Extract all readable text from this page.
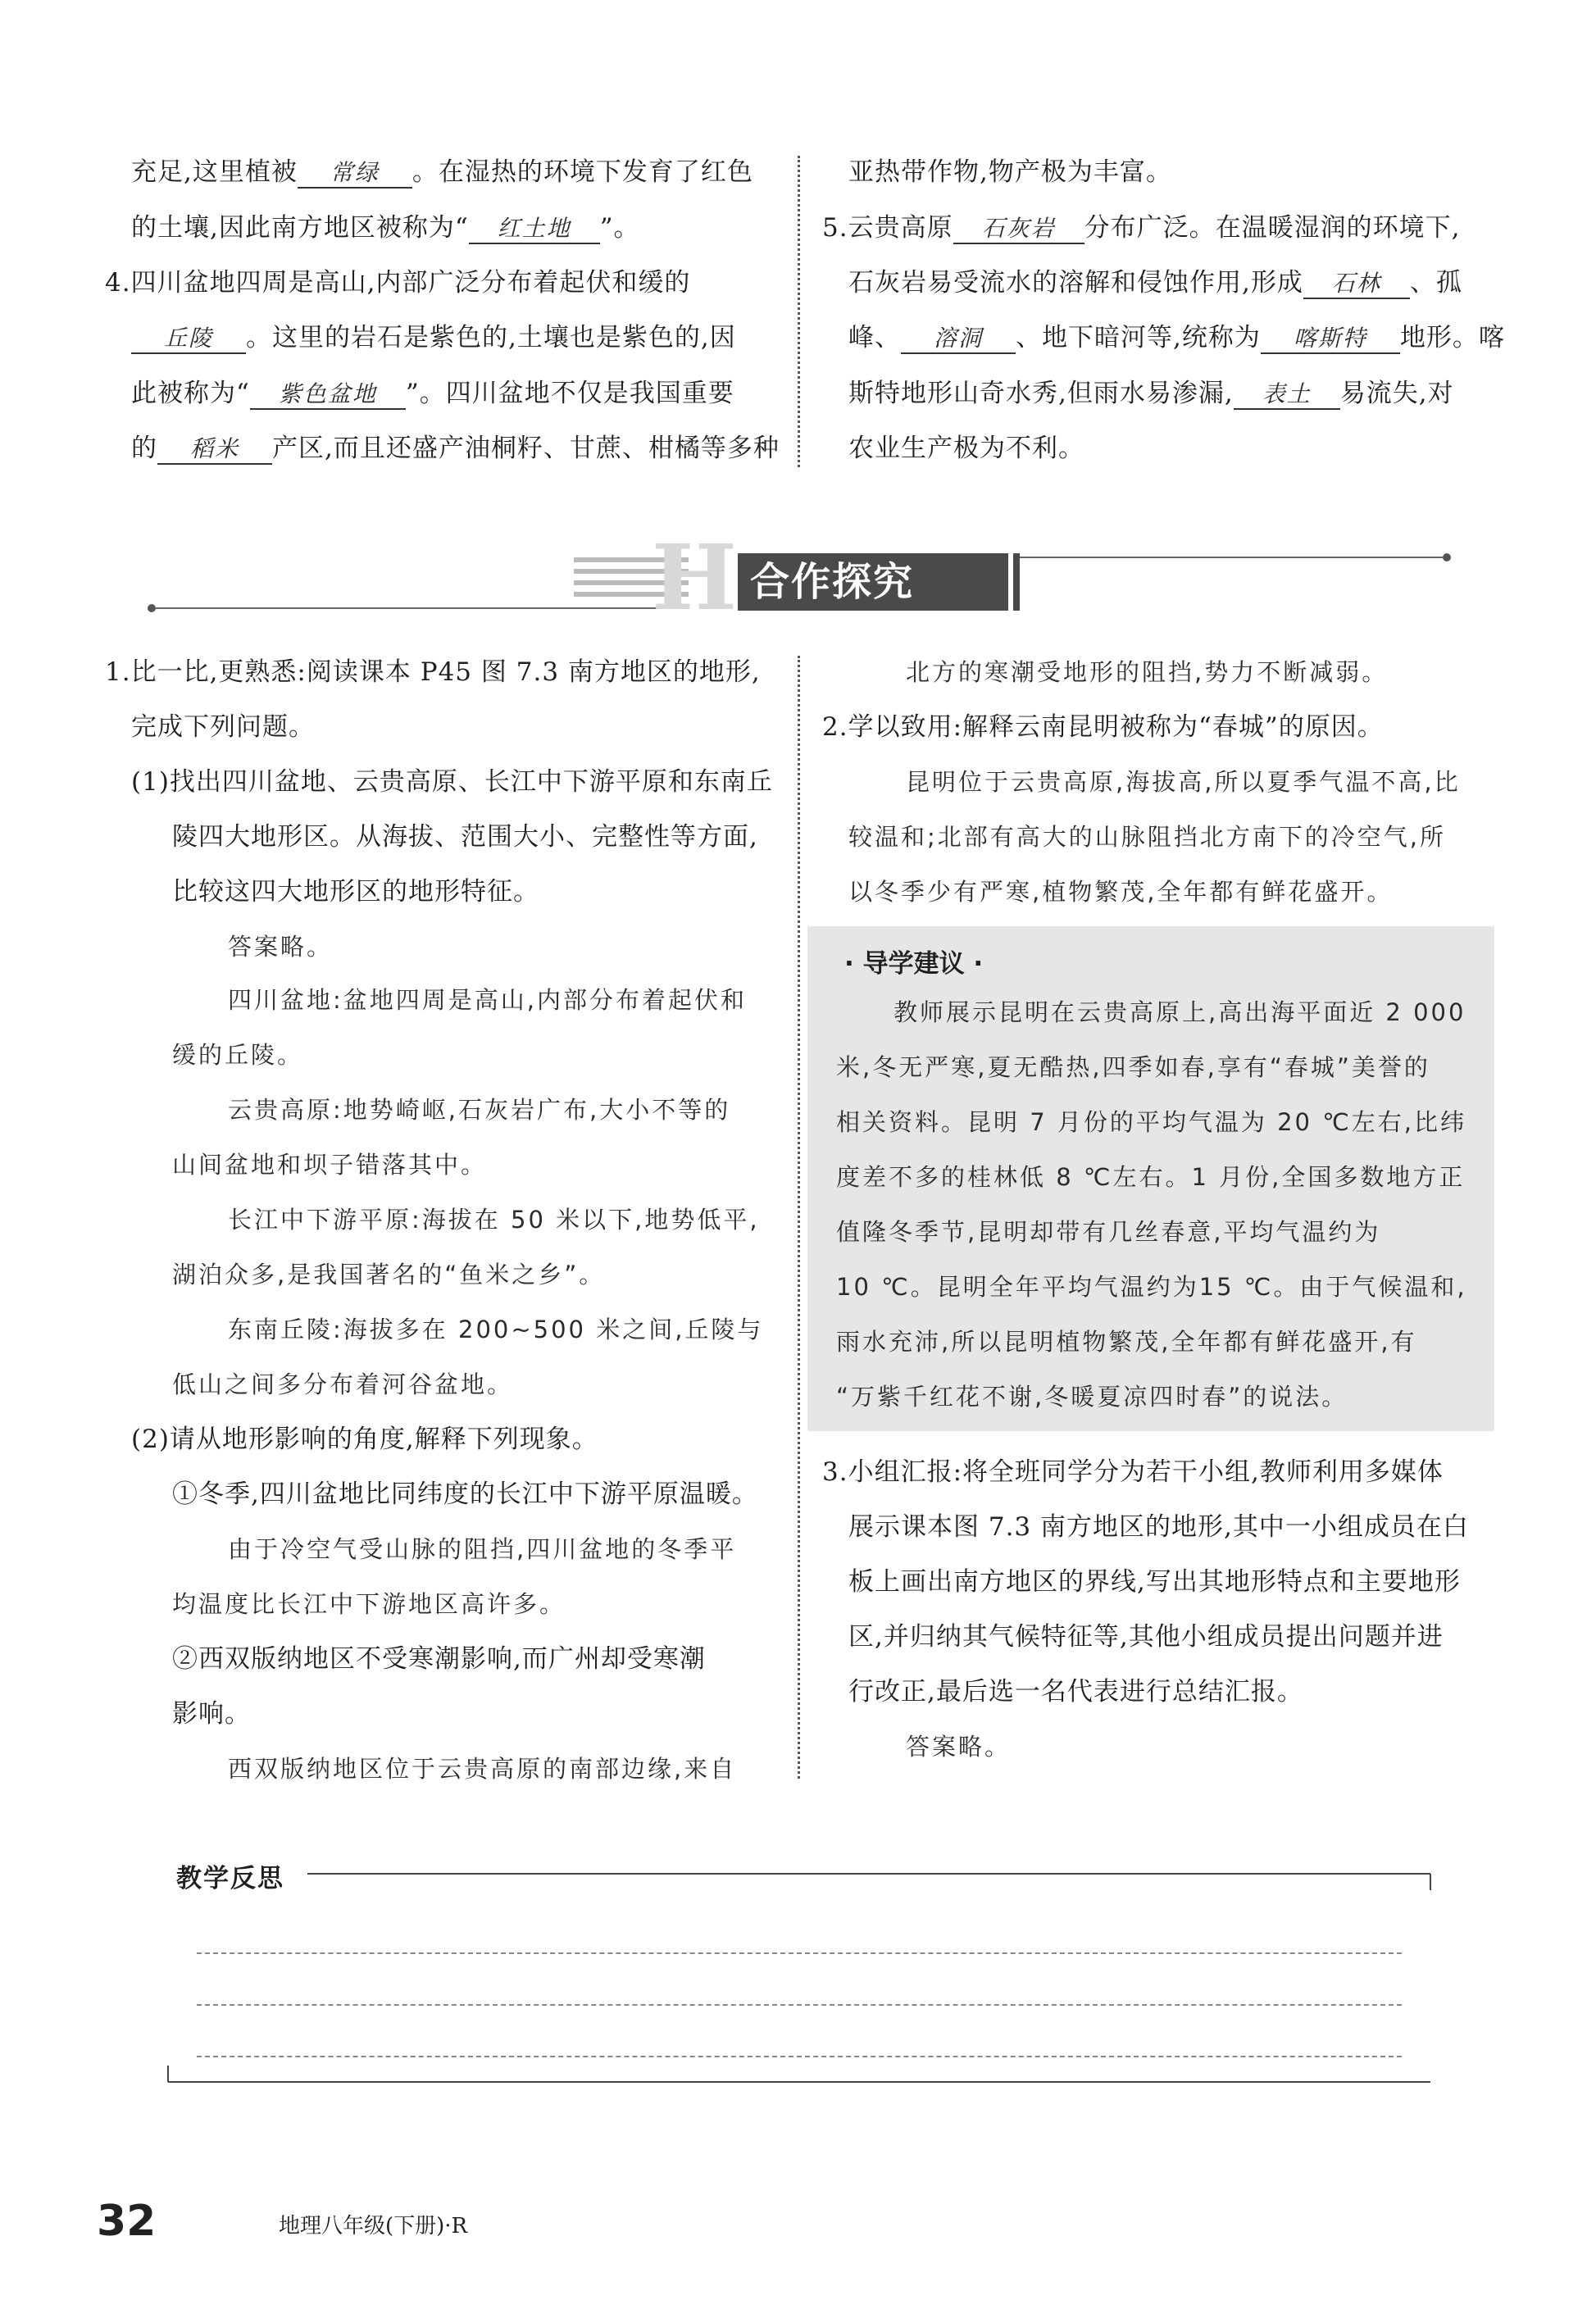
充足,这里植被 常绿 。在湿热的环境下发育了红色
的土壤,因此南方地区被称为“ 红土地 ”。
4.四川盆地四周是高山,内部广泛分布着起伏和缓的
丘陵 。这里的岩石是紫色的,土壤也是紫色的,因
此被称为“ 紫色盆地 ”。四川盆地不仅是我国重要
的 稻米 产区,而且还盛产油桐籽、甘蔗、柑橘等多种
亚热带作物,物产极为丰富。
5.云贵高原 石灰岩 分布广泛。在温暖湿润的环境下,
石灰岩易受流水的溶解和侵蚀作用,形成 石林 、孤
峰、 溶洞 、地下暗河等,统称为 喀斯特 地形。喀
斯特地形山奇水秀,但雨水易渗漏, 表土 易流失,对
农业生产极为不利。
H 合作探究
1.比一比,更熟悉:阅读课本 P45 图 7.3 南方地区的地形,
完成下列问题。
(1)找出四川盆地、云贵高原、长江中下游平原和东南丘
陵四大地形区。从海拔、范围大小、完整性等方面,
比较这四大地形区的地形特征。
答案略。
四川盆地:盆地四周是高山,内部分布着起伏和
缓的丘陵。
云贵高原:地势崎岖,石灰岩广布,大小不等的
山间盆地和坝子错落其中。
长江中下游平原:海拔在 50 米以下,地势低平,
湖泊众多,是我国著名的“鱼米之乡”。
东南丘陵:海拔多在 200~500 米之间,丘陵与
低山之间多分布着河谷盆地。
(2)请从地形影响的角度,解释下列现象。
①冬季,四川盆地比同纬度的长江中下游平原温暖。
由于冷空气受山脉的阻挡,四川盆地的冬季平
均温度比长江中下游地区高许多。
②西双版纳地区不受寒潮影响,而广州却受寒潮
影响。
西双版纳地区位于云贵高原的南部边缘,来自
北方的寒潮受地形的阻挡,势力不断减弱。
2.学以致用:解释云南昆明被称为“春城”的原因。
昆明位于云贵高原,海拔高,所以夏季气温不高,比
较温和;北部有高大的山脉阻挡北方南下的冷空气,所
以冬季少有严寒,植物繁茂,全年都有鲜花盛开。
· 导学建议 ·
教师展示昆明在云贵高原上,高出海平面近 2 000
米,冬无严寒,夏无酷热,四季如春,享有“春城”美誉的
相关资料。昆明 7 月份的平均气温为 20 ℃左右,比纬
度差不多的桂林低 8 ℃左右。1 月份,全国多数地方正
值隆冬季节,昆明却带有几丝春意,平均气温约为
10 ℃。昆明全年平均气温约为15 ℃。由于气候温和,
雨水充沛,所以昆明植物繁茂,全年都有鲜花盛开,有
“万紫千红花不谢,冬暖夏凉四时春”的说法。
3.小组汇报:将全班同学分为若干小组,教师利用多媒体
展示课本图 7.3 南方地区的地形,其中一小组成员在白
板上画出南方地区的界线,写出其地形特点和主要地形
区,并归纳其气候特征等,其他小组成员提出问题并进
行改正,最后选一名代表进行总结汇报。
答案略。
教学反思
32	地理八年级(下册)·R
